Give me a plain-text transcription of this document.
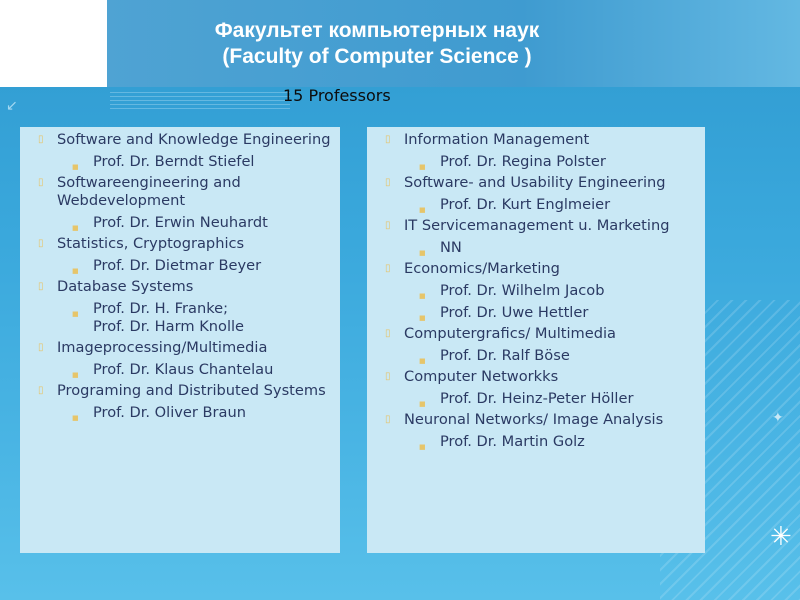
↙
✳
✦
Факультет компьютерных наук
(Faculty of Computer Science )
15 Professors
▯ Software and Knowledge Engineering
■ Prof. Dr. Berndt Stiefel
▯ Softwareengineering and Webdevelopment
■ Prof. Dr. Erwin Neuhardt
▯ Statistics, Cryptographics
■ Prof. Dr. Dietmar Beyer
▯ Database Systems
■ Prof. Dr. H. Franke;
Prof. Dr. Harm Knolle
▯ Imageprocessing/Multimedia
■ Prof. Dr. Klaus Chantelau
▯ Programing and Distributed Systems
■ Prof. Dr. Oliver Braun
▯ Information Management
■ Prof. Dr. Regina Polster
▯ Software- and Usability Engineering
■ Prof. Dr. Kurt Englmeier
▯ IT Servicemanagement u. Marketing
■ NN
▯ Economics/Marketing
■ Prof. Dr. Wilhelm Jacob
■ Prof. Dr. Uwe Hettler
▯ Computergrafics/ Multimedia
■ Prof. Dr. Ralf Böse
▯ Computer Networkks
■ Prof. Dr. Heinz-Peter Höller
▯ Neuronal Networks/ Image Analysis
■ Prof. Dr. Martin Golz
